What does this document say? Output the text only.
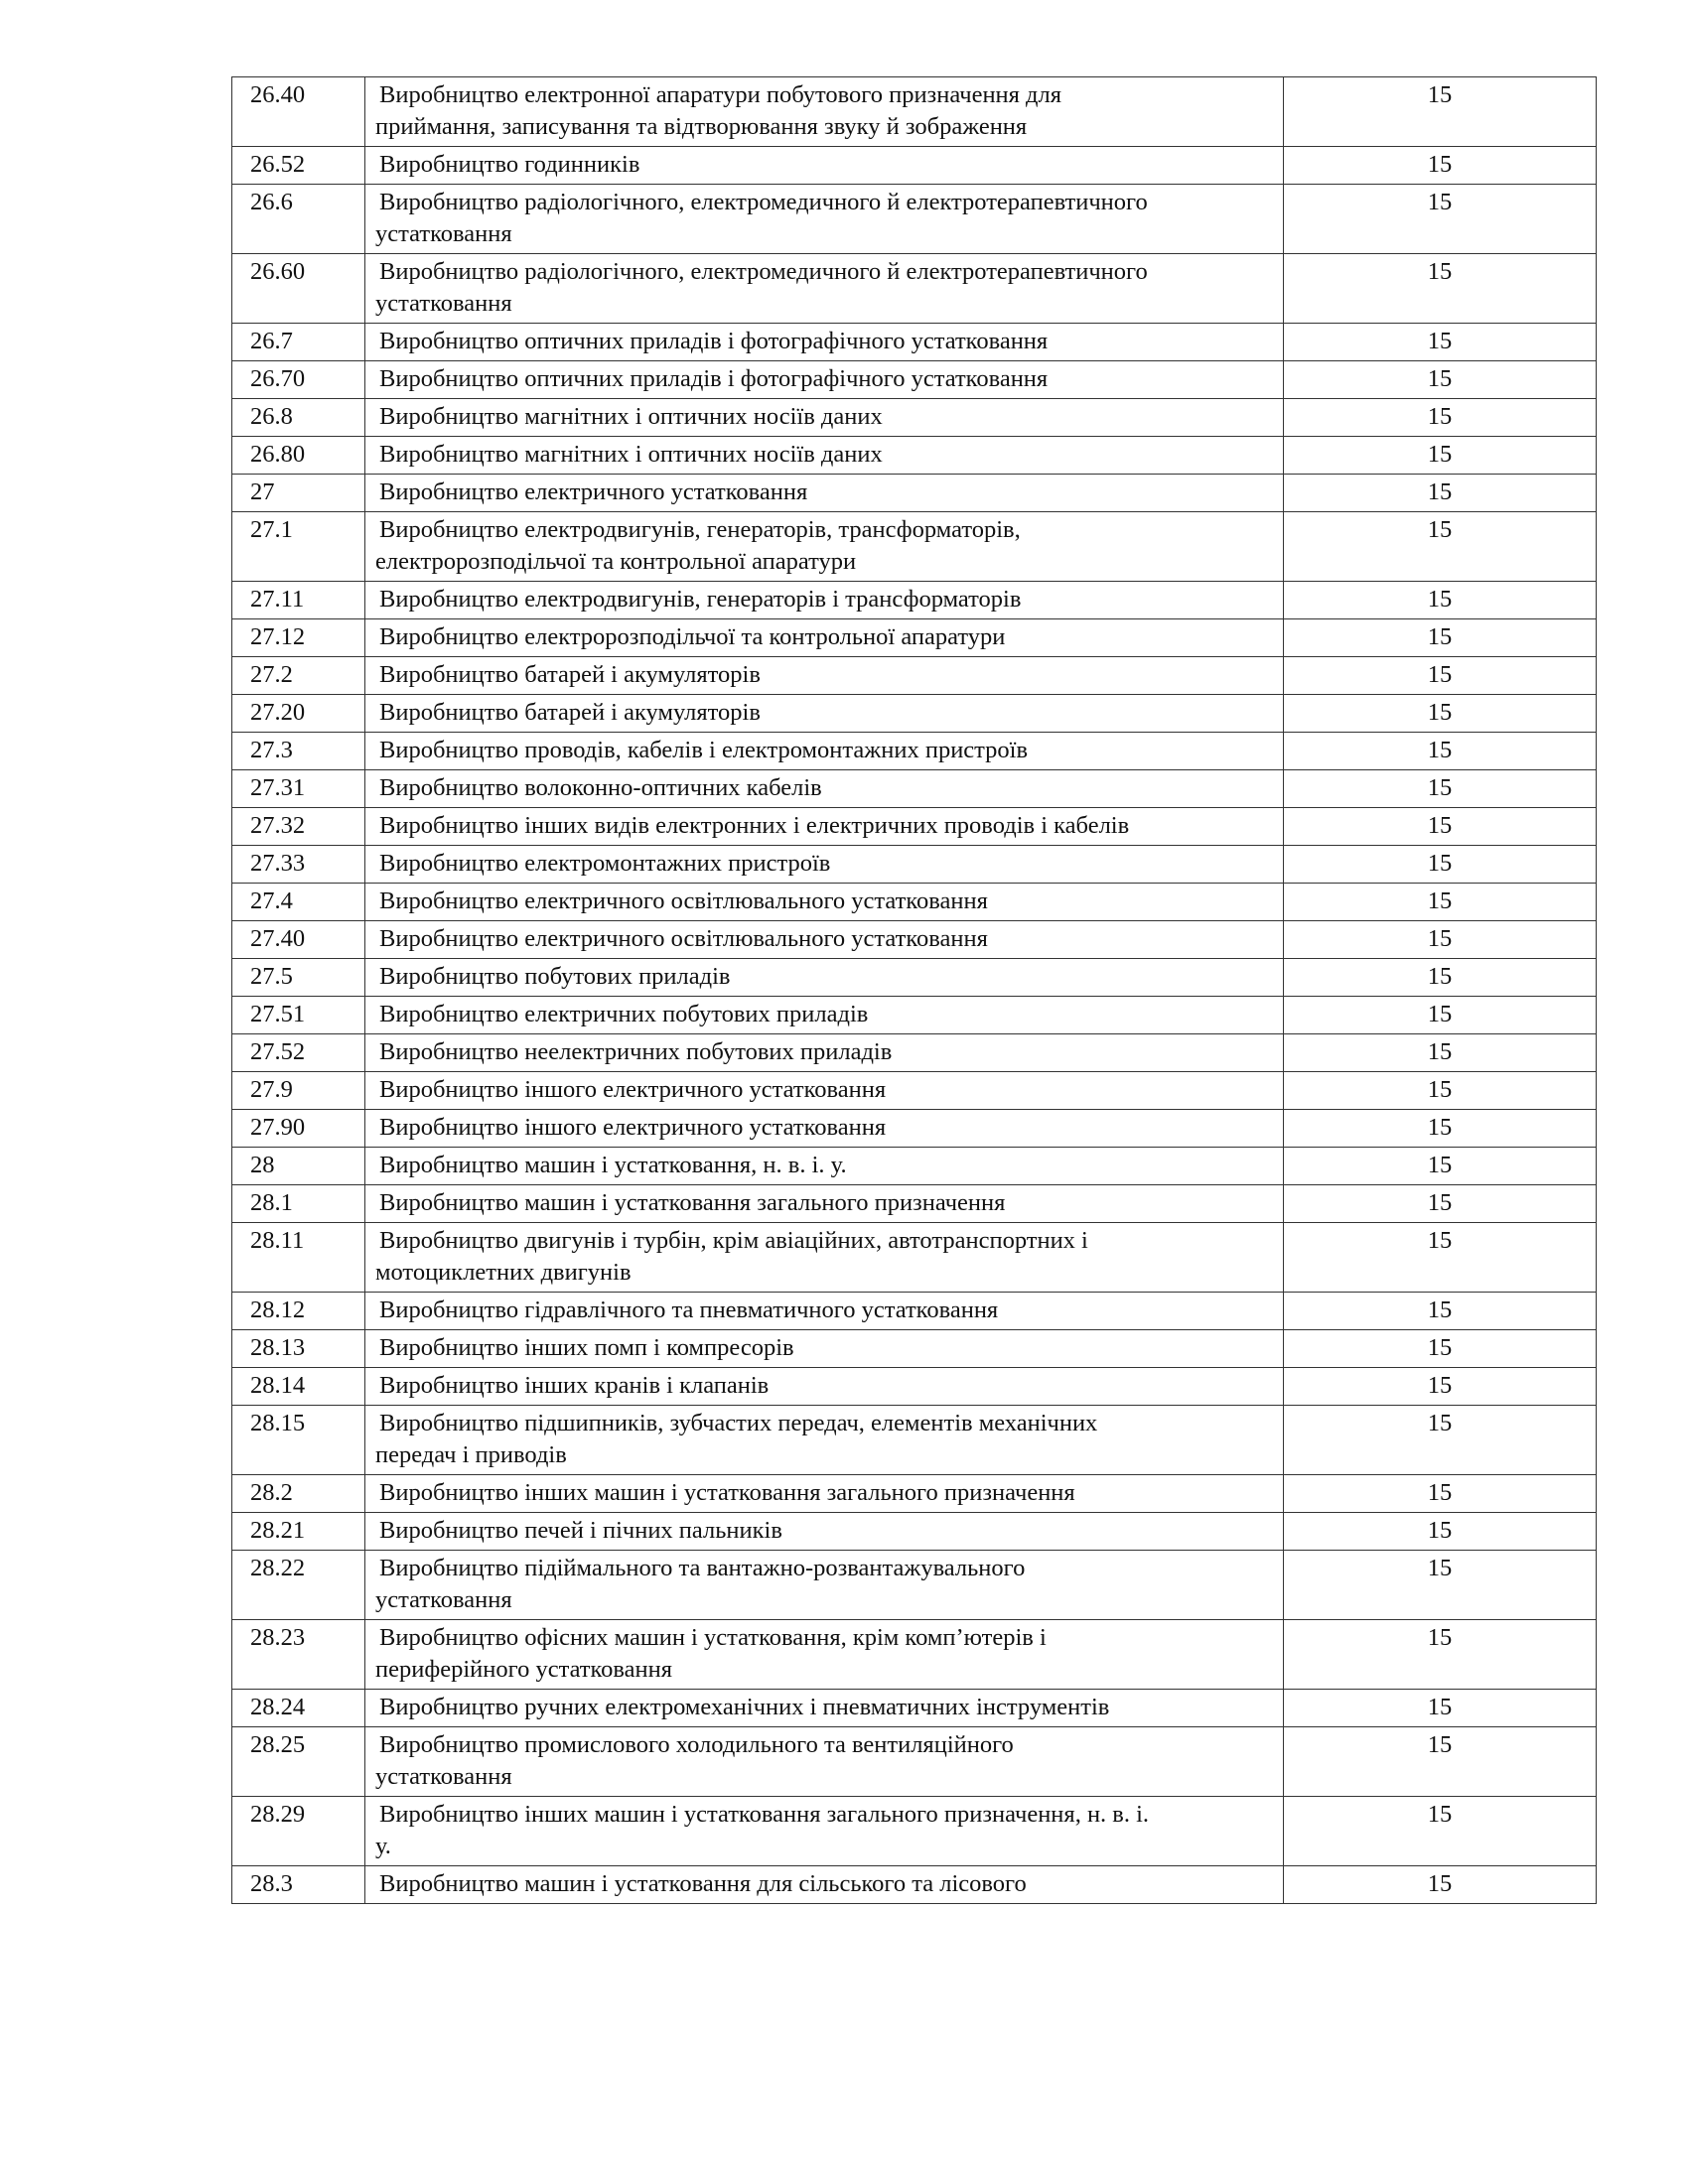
26.40	Виробництво електронної апаратури побутового призначення для
приймання, записування та відтворювання звуку й зображення	15
26.52	Виробництво годинників	15
26.6	Виробництво радіологічного, електромедичного й електротерапевтичного
устатковання	15
26.60	Виробництво радіологічного, електромедичного й електротерапевтичного
устатковання	15
26.7	Виробництво оптичних приладів і фотографічного устатковання	15
26.70	Виробництво оптичних приладів і фотографічного устатковання	15
26.8	Виробництво магнітних і оптичних носіїв даних	15
26.80	Виробництво магнітних і оптичних носіїв даних	15
27	Виробництво електричного устатковання	15
27.1	Виробництво електродвигунів, генераторів, трансформаторів,
електророзподільчої та контрольної апаратури	15
27.11	Виробництво електродвигунів, генераторів і трансформаторів	15
27.12	Виробництво електророзподільчої та контрольної апаратури	15
27.2	Виробництво батарей і акумуляторів	15
27.20	Виробництво батарей і акумуляторів	15
27.3	Виробництво проводів, кабелів і електромонтажних пристроїв	15
27.31	Виробництво волоконно-оптичних кабелів	15
27.32	Виробництво інших видів електронних і електричних проводів і кабелів	15
27.33	Виробництво електромонтажних пристроїв	15
27.4	Виробництво електричного освітлювального устатковання	15
27.40	Виробництво електричного освітлювального устатковання	15
27.5	Виробництво побутових приладів	15
27.51	Виробництво електричних побутових приладів	15
27.52	Виробництво неелектричних побутових приладів	15
27.9	Виробництво іншого електричного устатковання	15
27.90	Виробництво іншого електричного устатковання	15
28	Виробництво машин і устатковання, н. в. і. у.	15
28.1	Виробництво машин і устатковання загального призначення	15
28.11	Виробництво двигунів і турбін, крім авіаційних, автотранспортних і
мотоциклетних двигунів	15
28.12	Виробництво гідравлічного та пневматичного устатковання	15
28.13	Виробництво інших помп і компресорів	15
28.14	Виробництво інших кранів і клапанів	15
28.15	Виробництво підшипників, зубчастих передач, елементів механічних
передач і приводів	15
28.2	Виробництво інших машин і устатковання загального призначення	15
28.21	Виробництво печей і пічних пальників	15
28.22	Виробництво підіймального та вантажно-розвантажувального
устатковання	15
28.23	Виробництво офісних машин і устатковання, крім комп’ютерів і
периферійного устатковання	15
28.24	Виробництво ручних електромеханічних і пневматичних інструментів	15
28.25	Виробництво промислового холодильного та вентиляційного
устатковання	15
28.29	Виробництво інших машин і устатковання загального призначення, н. в. і.
у.	15
28.3	Виробництво машин і устатковання для сільського та лісового	15
